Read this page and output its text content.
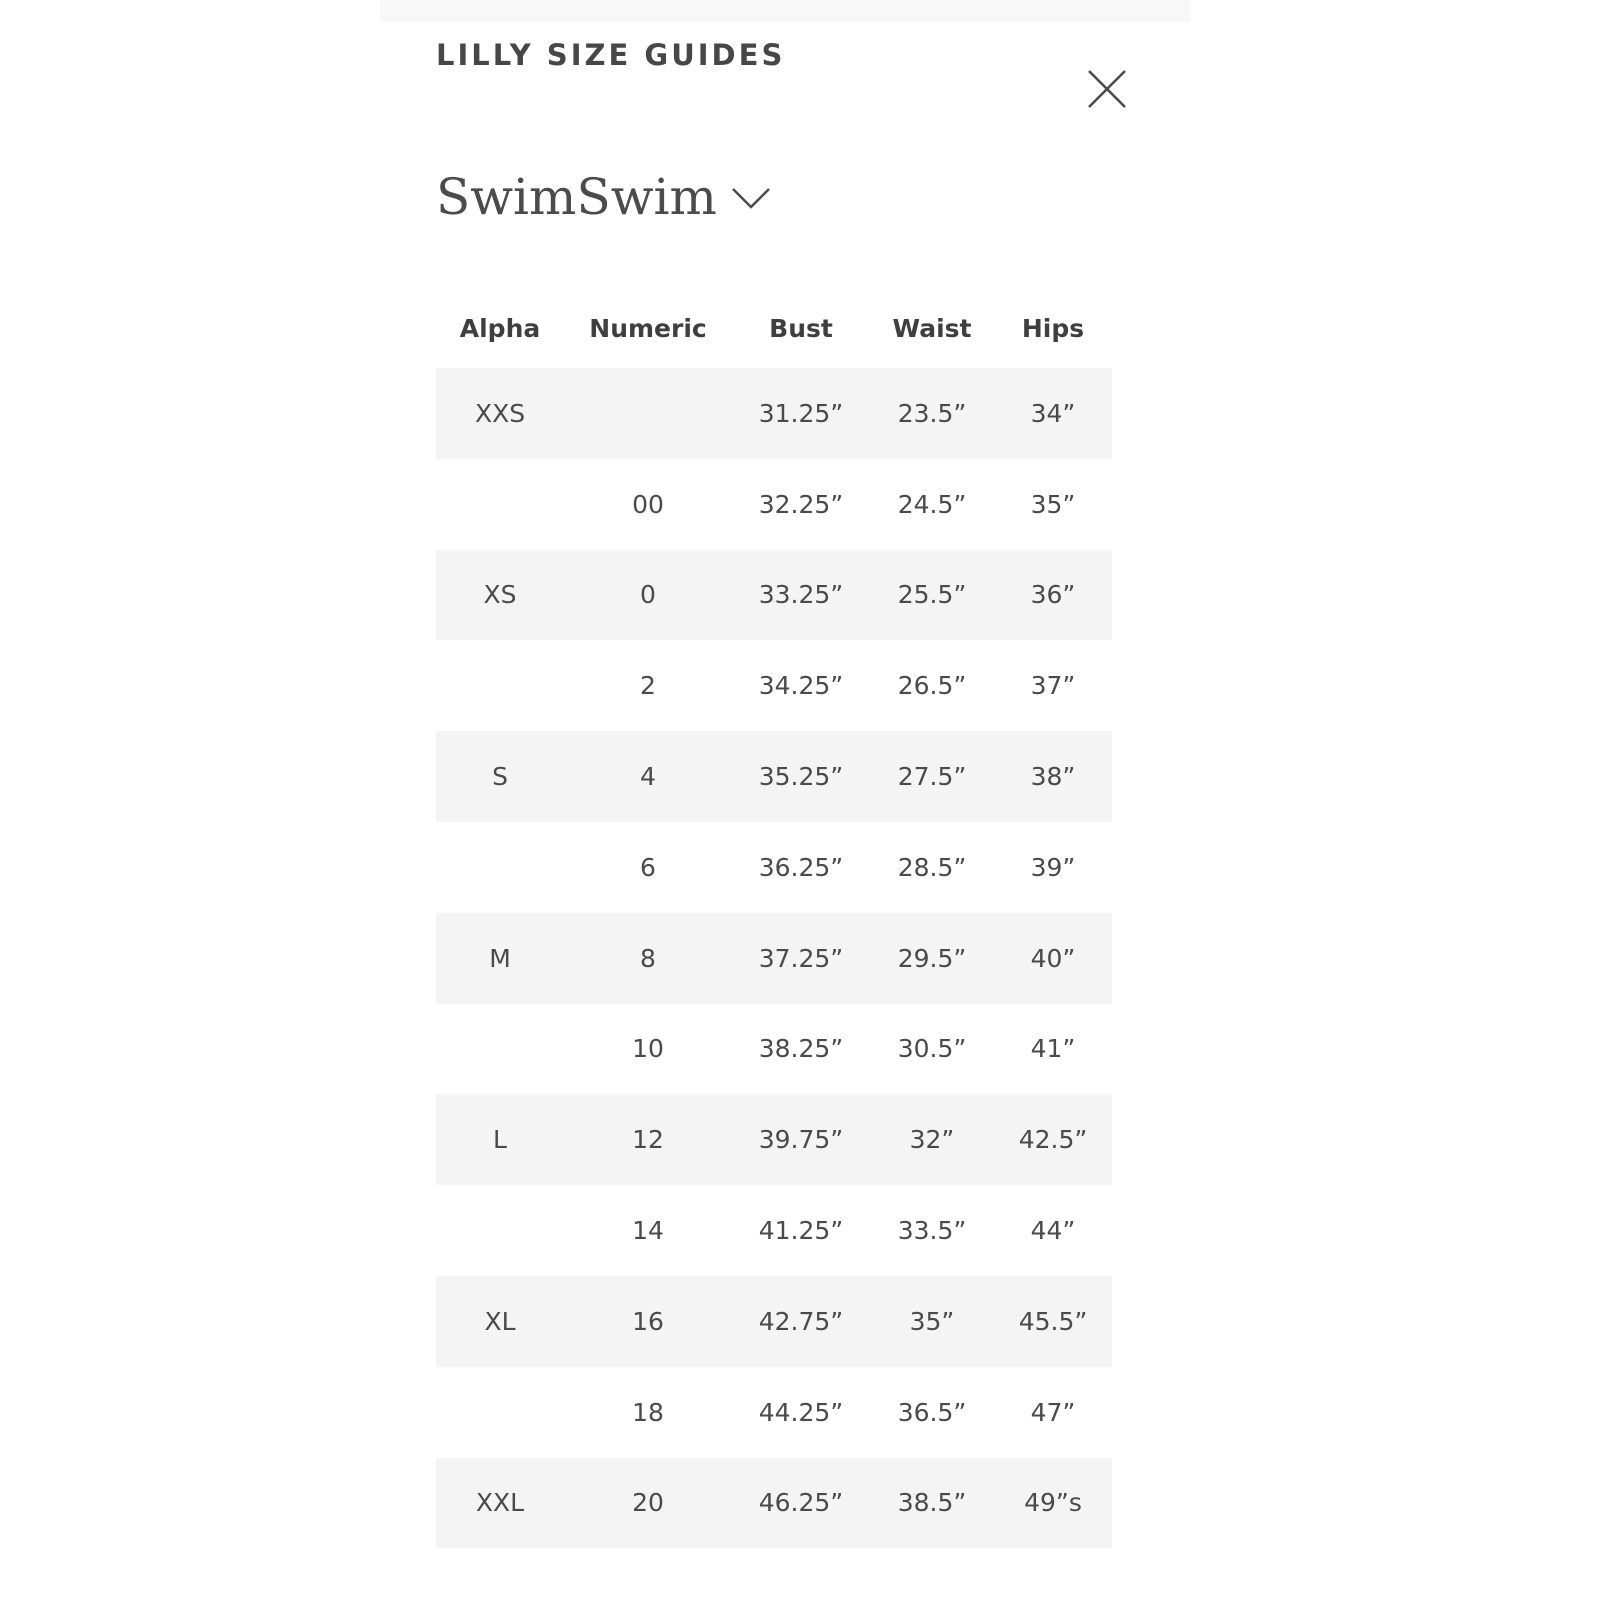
LILLY SIZE GUIDES
SwimSwim
Alpha	Numeric	Bust	Waist	Hips
XXS		31.25”	23.5”	34”
	00	32.25”	24.5”	35”
XS	0	33.25”	25.5”	36”
	2	34.25”	26.5”	37”
S	4	35.25”	27.5”	38”
	6	36.25”	28.5”	39”
M	8	37.25”	29.5”	40”
	10	38.25”	30.5”	41”
L	12	39.75”	32”	42.5”
	14	41.25”	33.5”	44”
XL	16	42.75”	35”	45.5”
	18	44.25”	36.5”	47”
XXL	20	46.25”	38.5”	49”s
